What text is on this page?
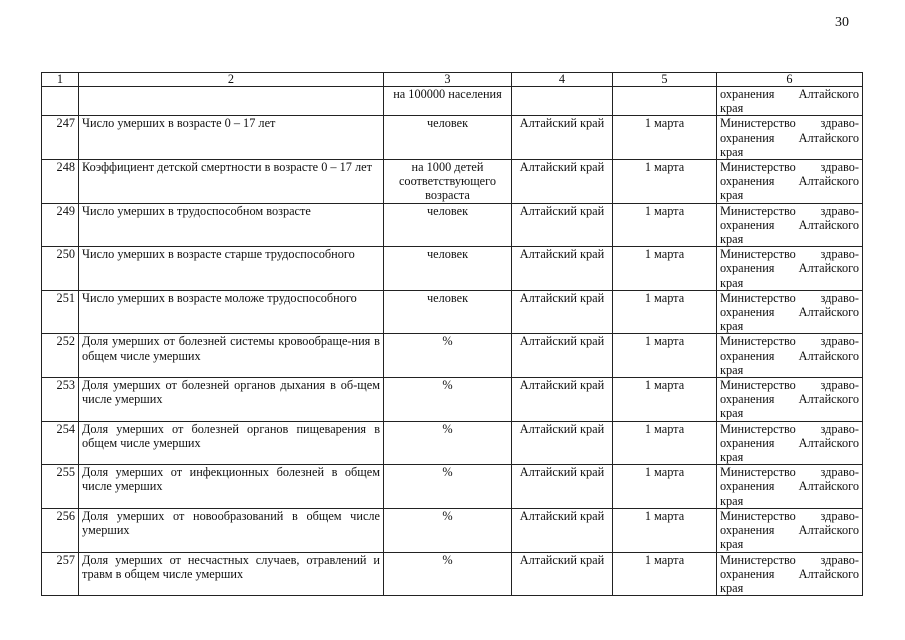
30
1	2	3	4	5	6
		на 100000 населения			охранения Алтайского
края

247	Число умерших в возрасте 0 – 17 лет	человек	Алтайский край	1 марта	Министерство здраво-
охранения Алтайского
края

248	Коэффициент детской смертности в возрасте 0 – 17 лет	на 1000 детей соответствующего возраста	Алтайский край	1 марта	Министерство здраво-
охранения Алтайского
края

249	Число умерших в трудоспособном возрасте	человек	Алтайский край	1 марта	Министерство здраво-
охранения Алтайского
края

250	Число умерших в возрасте старше трудоспособного	человек	Алтайский край	1 марта	Министерство здраво-
охранения Алтайского
края

251	Число умерших в возрасте моложе трудоспособного	человек	Алтайский край	1 марта	Министерство здраво-
охранения Алтайского
края

252	Доля умерших от болезней системы кровообраще-ния в общем числе умерших	%	Алтайский край	1 марта	Министерство здраво-
охранения Алтайского
края

253	Доля умерших от болезней органов дыхания в об-щем числе умерших	%	Алтайский край	1 марта	Министерство здраво-
охранения Алтайского
края

254	Доля умерших от болезней органов пищеварения в общем числе умерших	%	Алтайский край	1 марта	Министерство здраво-
охранения Алтайского
края

255	Доля умерших от инфекционных болезней в общем числе умерших	%	Алтайский край	1 марта	Министерство здраво-
охранения Алтайского
края

256	Доля умерших от новообразований в общем числе умерших	%	Алтайский край	1 марта	Министерство здраво-
охранения Алтайского
края

257	Доля умерших от несчастных случаев, отравлений и травм в общем числе умерших	%	Алтайский край	1 марта	Министерство здраво-
охранения Алтайского
края
